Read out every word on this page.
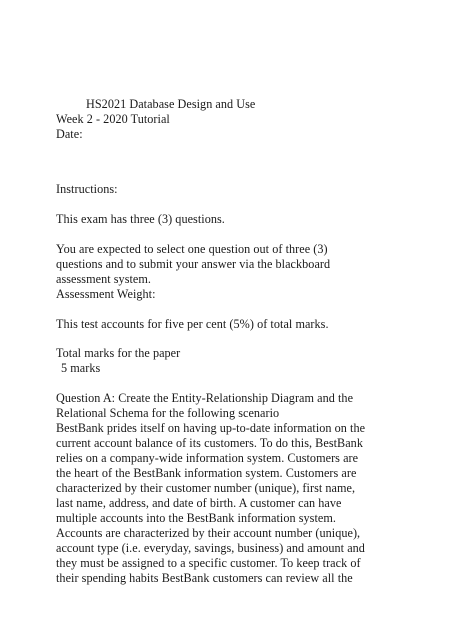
HS2021 Database Design and Use
Week 2 - 2020 Tutorial
Date:
Instructions:
This exam has three (3) questions.
You are expected to select one question out of three (3)
questions and to submit your answer via the blackboard
assessment system.
Assessment Weight:
This test accounts for five per cent (5%) of total marks.
Total marks for the paper
5 marks
Question A: Create the Entity-Relationship Diagram and the
Relational Schema for the following scenario
BestBank prides itself on having up-to-date information on the
current account balance of its customers. To do this, BestBank
relies on a company-wide information system. Customers are
the heart of the BestBank information system. Customers are
characterized by their customer number (unique), first name,
last name, address, and date of birth. A customer can have
multiple accounts into the BestBank information system.
Accounts are characterized by their account number (unique),
account type (i.e. everyday, savings, business) and amount and
they must be assigned to a specific customer. To keep track of
their spending habits BestBank customers can review all the
